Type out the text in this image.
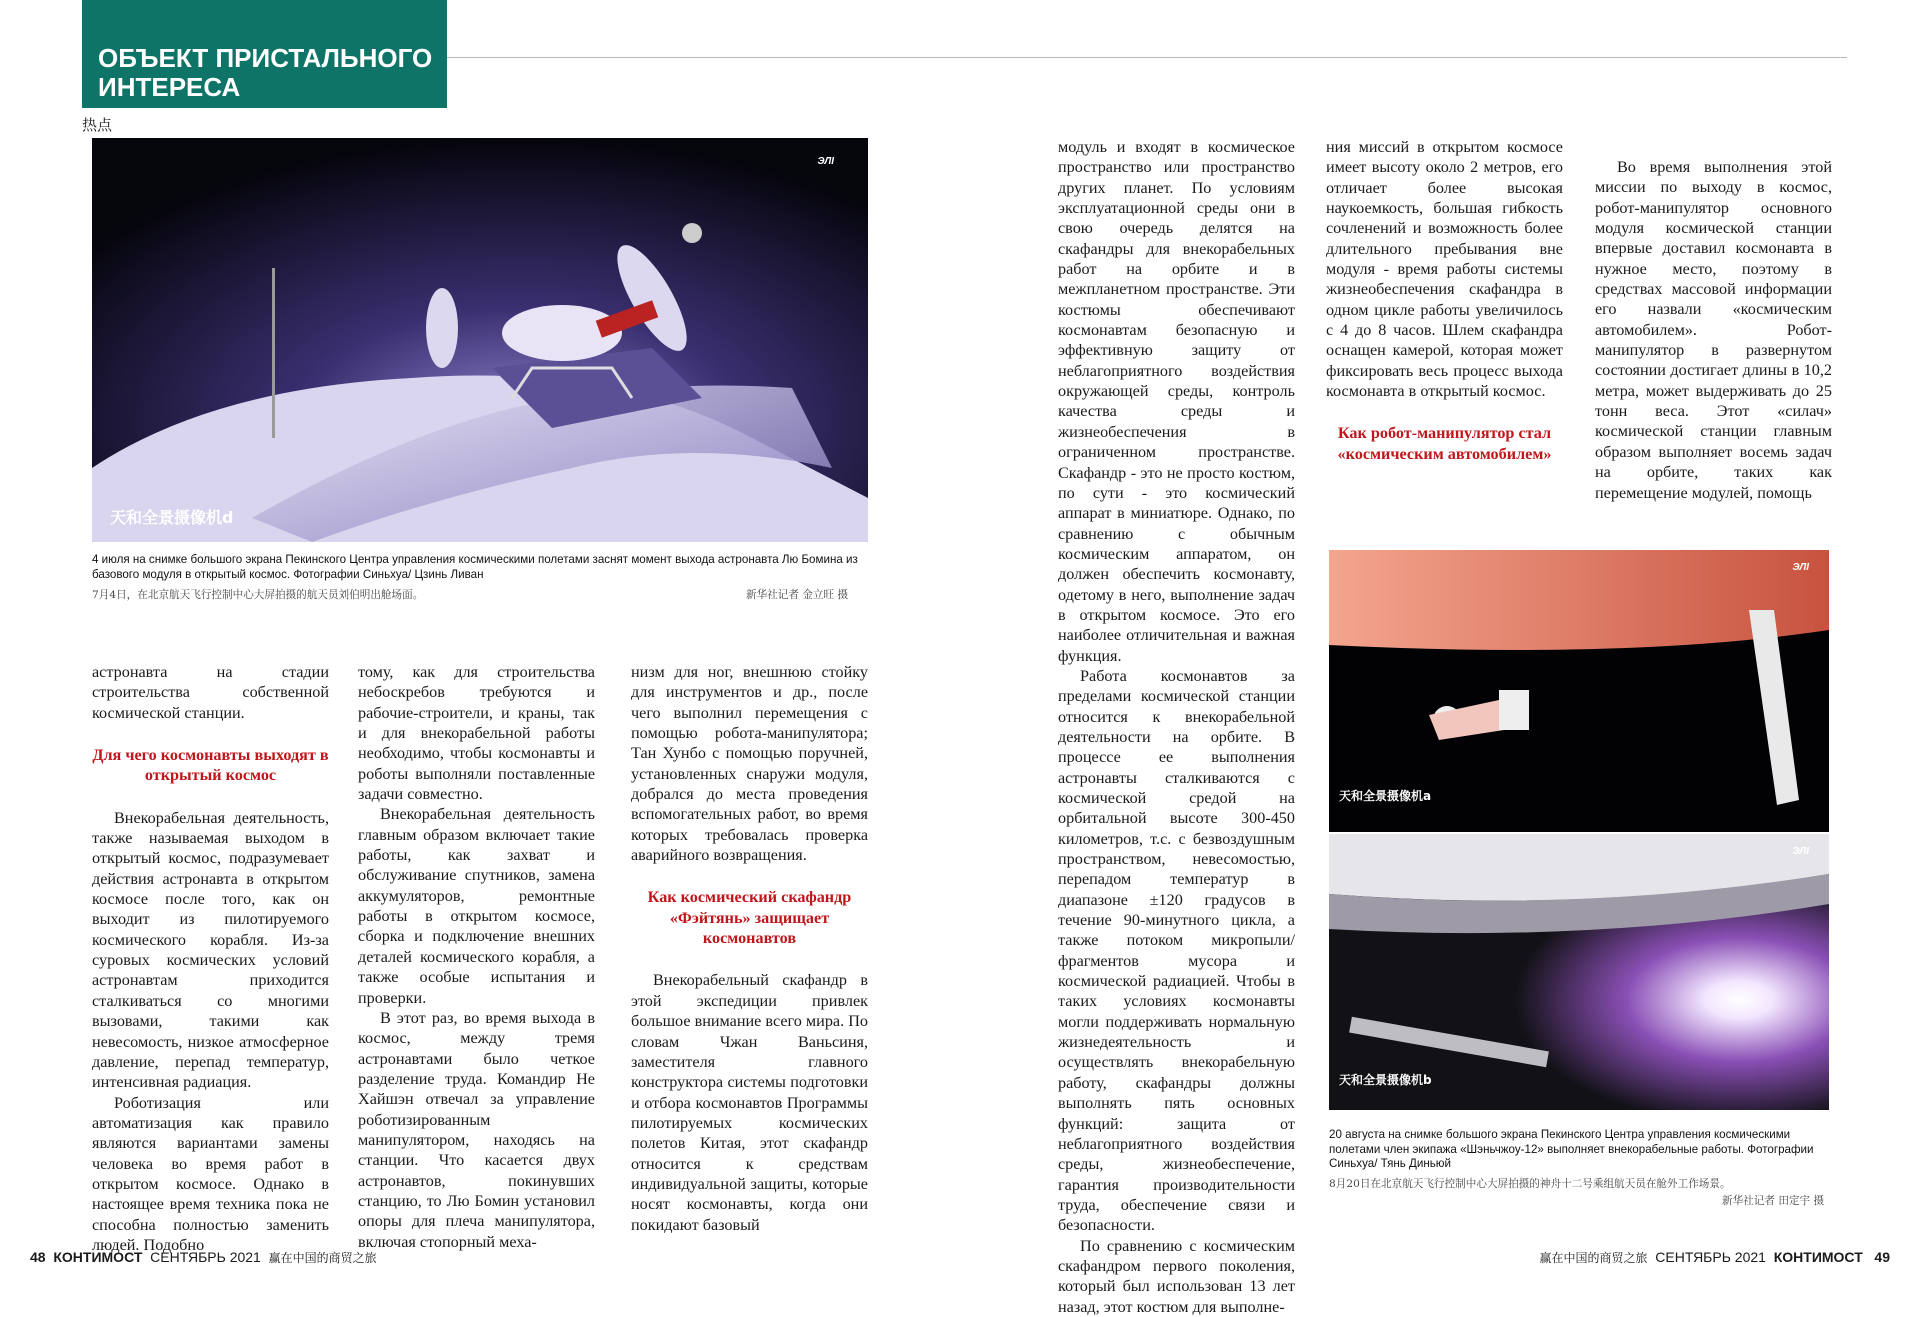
ОБЪЕКТ ПРИСТАЛЬНОГО ИНТЕРЕСА
热点
ЭЛІ
天和全景摄像机d
4 июля на снимке большого экрана Пекинского Центра управления космическими полетами заснят момент выхода астронавта Лю Бомина из базового модуля в открытый космос. Фотографии Синьхуа/ Цзинь Ливан
7月4日，在北京航天飞行控制中心大屏拍摄的航天员刘伯明出舱场面。	新华社记者 金立旺 摄

астронавта на стадии строительства собственной космической станции.

Для чего космонавты выходят в открытый космос

Внекорабельная деятельность, также называемая выходом в открытый космос, подразумевает действия астронавта в открытом космосе после того, как он выходит из пилотируемого космического корабля. Из-за суровых космических условий астронавтам приходится сталкиваться со многими вызовами, такими как невесомость, низкое атмосферное давление, перепад температур, интенсивная радиация.

Роботизация или автоматизация как правило являются вариантами замены человека во время работ в открытом космосе. Однако в настоящее время техника пока не способна полностью заменить людей. Подобно

тому, как для строительства небоскребов требуются и рабочие-строители, и краны, так и для внекорабельной работы необходимо, чтобы космонавты и роботы выполняли поставленные задачи совместно.

Внекорабельная деятельность главным образом включает такие работы, как захват и обслуживание спутников, замена аккумуляторов, ремонтные работы в открытом космосе, сборка и подключение внешних деталей космического корабля, а также особые испытания и проверки.

В этот раз, во время выхода в космос, между тремя астронавтами было четкое разделение труда. Командир Не Хайшэн отвечал за управление роботизированным манипулятором, находясь на станции. Что касается двух астронавтов, покинувших станцию, то Лю Бомин установил опоры для плеча манипулятора, включая стопорный меха-

низм для ног, внешнюю стойку для инструментов и др., после чего выполнил перемещения с помощью робота-манипулятора; Тан Хунбо с помощью поручней, установленных снаружи модуля, добрался до места проведения вспомогательных работ, во время которых требовалась проверка аварийного возвращения.

Как космический скафандр «Фэйтянь» защищает космонавтов

Внекорабельный скафандр в этой экспедиции привлек большое внимание всего мира. По словам Чжан Ваньсиня, заместителя главного конструктора системы подготовки и отбора космонавтов Программы пилотируемых космических полетов Китая, этот скафандр относится к средствам индивидуальной защиты, которые носят космонавты, когда они покидают базовый

модуль и входят в космическое пространство или пространство других планет. По условиям эксплуатационной среды они в свою очередь делятся на скафандры для внекорабельных работ на орбите и в межпланетном пространстве. Эти костюмы обеспечивают космонавтам безопасную и эффективную защиту от неблагоприятного воздействия окружающей среды, контроль качества среды и жизнеобеспечения в ограниченном пространстве. Скафандр - это не просто костюм, по сути - это космический аппарат в миниатюре. Однако, по сравнению с обычным космическим аппаратом, он должен обеспечить космонавту, одетому в него, выполнение задач в открытом космосе. Это его наиболее отличительная и важная функция.

Работа космонавтов за пределами космической станции относится к внекорабельной деятельности на орбите. В процессе ее выполнения астронавты сталкиваются с космической средой на орбитальной высоте 300-450 километров, т.с. с безвоздушным пространством, невесомостью, перепадом температур в диапазоне ±120 градусов в течение 90-минутного цикла, а также потоком микропыли/фрагментов мусора и космической радиацией. Чтобы в таких условиях космонавты могли поддерживать нормальную жизнедеятельность и осуществлять внекорабельную работу, скафандры должны выполнять пять основных функций: защита от неблагоприятного воздействия среды, жизнеобеспечение, гарантия производительности труда, обеспечение связи и безопасности.

По сравнению с космическим скафандром первого поколения, который был использован 13 лет назад, этот костюм для выполне-

ния миссий в открытом космосе имеет высоту около 2 метров, его отличает более высокая наукоемкость, большая гибкость сочленений и возможность более длительного пребывания вне модуля - время работы системы жизнеобеспечения скафандра в одном цикле работы увеличилось с 4 до 8 часов. Шлем скафандра оснащен камерой, которая может фиксировать весь процесс выхода космонавта в открытый космос.

Как робот-манипулятор стал «космическим автомобилем»

Во время выполнения этой миссии по выходу в космос, робот-манипулятор основного модуля космической станции впервые доставил космонавта в нужное место, поэтому в средствах массовой информации его назвали «космическим автомобилем». Робот-манипулятор в развернутом состоянии достигает длины в 10,2 метра, может выдерживать до 25 тонн веса. Этот «силач» космической станции главным образом выполняет восемь задач на орбите, таких как перемещение модулей, помощь

ЭЛІ
天和全景摄像机a
ЭЛІ
天和全景摄像机b
20 августа на снимке большого экрана Пекинского Центра управления космическими полетами член экипажа «Шэньчжоу-12» выполняет внекорабельные работы. Фотографии Синьхуа/ Тянь Диньюй
8月20日在北京航天飞行控制中心大屏拍摄的神舟十二号乘组航天员在舱外工作场景。
新华社记者 田定宇 摄
48 КОНТИМОСТ СЕНТЯБРЬ 2021 赢在中国的商贸之旅	赢在中国的商贸之旅 СЕНТЯБРЬ 2021 КОНТИМОСТ 49
